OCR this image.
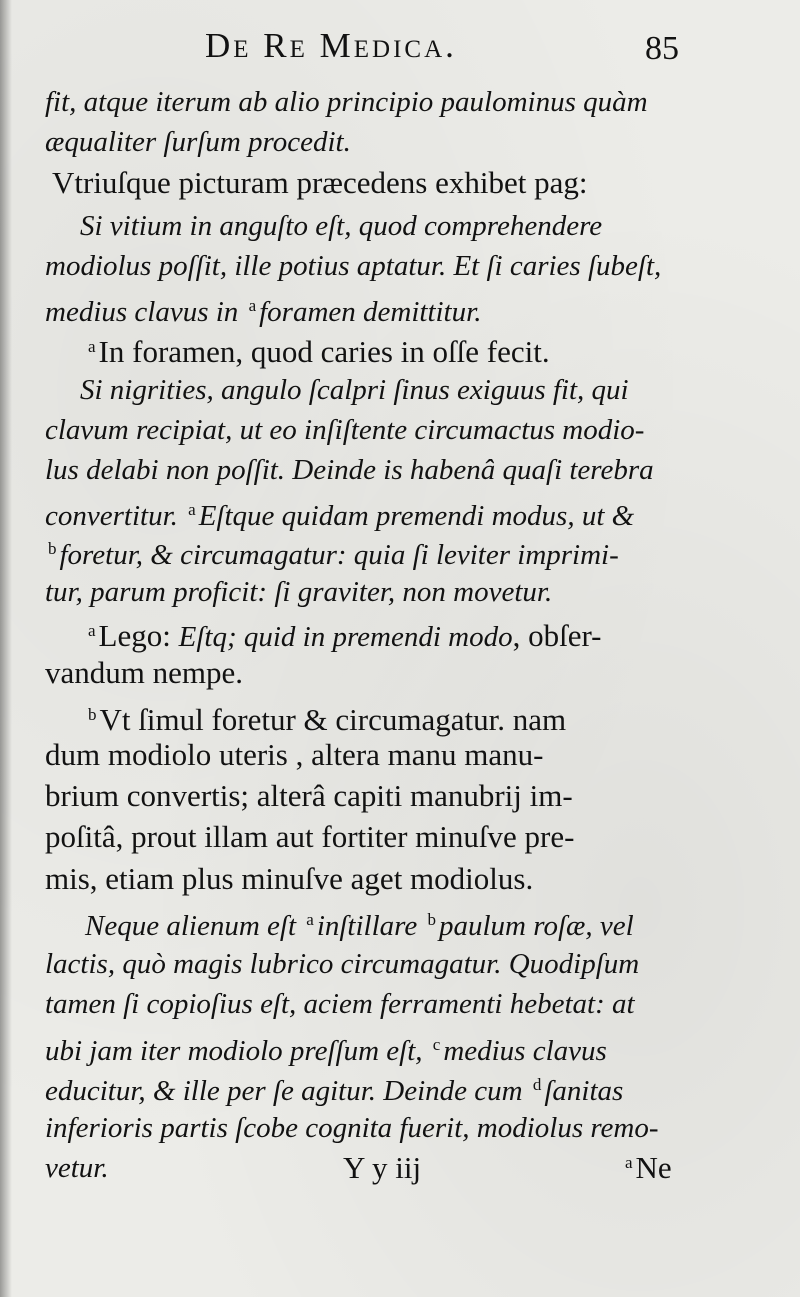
De Re Medica.	85
fit, atque iterum ab alio principio paulominus quàm
æqualiter ſurſum procedit.
Vtriuſque picturam præcedens exhibet pag:
Si vitium in anguſto eſt, quod comprehendere
modiolus poſſit, ille potius aptatur. Et ſi caries ſubeſt,
medius clavus in $^a$ foramen demittitur.
$^a$In foramen, quod caries in oſſe fecit.
Si nigrities, angulo ſcalpri ſinus exiguus fit, qui
clavum recipiat, ut eo inſiſtente circumactus modio-
lus delabi non poſſit. Deinde is habenâ quaſi terebra
convertitur. $^a$ Eſtque quidam premendi modus, ut &
$^b$ foretur, & circumagatur: quia ſi leviter imprimi-
tur, parum proficit: ſi graviter, non movetur.
$^a$Lego: Eſtq; quid in premendi modo, obſer-
vandum nempe.
$^b$Vt ſimul foretur & circumagatur. nam
dum modiolo uteris , altera manu manu-
brium convertis; alterâ capiti manubrij im-
poſitâ, prout illam aut fortiter minuſve pre-
mis, etiam plus minuſve aget modiolus.
Neque alienum eſt $^a$ inſtillare $^b$ paulum roſæ, vel
lactis, quò magis lubrico circumagatur. Quodipſum
tamen ſi copioſius eſt, aciem ferramenti hebetat: at
ubi jam iter modiolo preſſum eſt, $^c$ medius clavus
educitur, & ille per ſe agitur. Deinde cum $^d$ ſanitas
inferioris partis ſcobe cognita fuerit, modiolus remo-
vetur.	Y y iij	$^a$Ne
